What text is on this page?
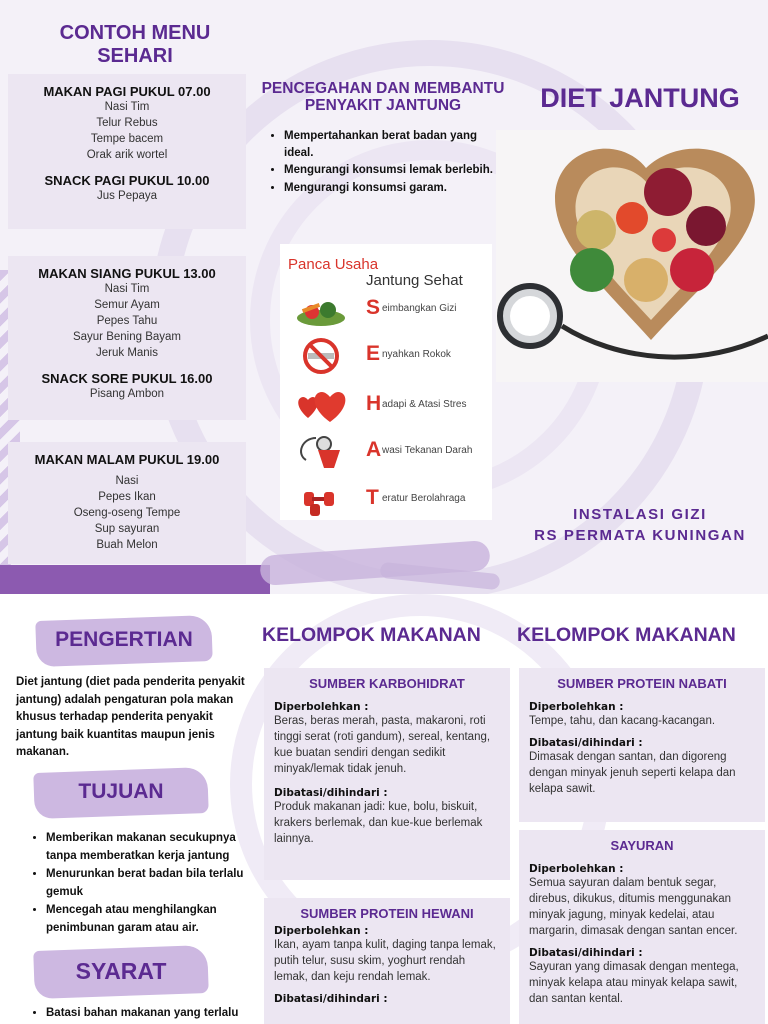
CONTOH MENU
SEHARI
MAKAN PAGI PUKUL 07.00
Nasi Tim
Telur Rebus
Tempe bacem
Orak arik wortel
SNACK PAGI PUKUL 10.00
Jus Pepaya
MAKAN SIANG PUKUL 13.00
Nasi Tim
Semur Ayam
Pepes Tahu
Sayur Bening Bayam
Jeruk Manis
SNACK SORE PUKUL 16.00
Pisang Ambon
MAKAN MALAM PUKUL 19.00
Nasi
Pepes Ikan
Oseng-oseng Tempe
Sup sayuran
Buah Melon
PENCEGAHAN DAN MEMBANTU
PENYAKIT JANTUNG
• Mempertahankan berat badan yang ideal.
• Mengurangi konsumsi lemak berlebih.
• Mengurangi konsumsi garam.
DIET JANTUNG
Panca Usaha
Jantung Sehat
S eimbangkan Gizi
E nyahkan Rokok
H adapi & Atasi Stres
A wasi Tekanan Darah
T eratur Berolahraga
INSTALASI GIZI
RS PERMATA KUNINGAN
PENGERTIAN
Diet jantung (diet pada penderita penyakit jantung) adalah pengaturan pola makan khusus terhadap penderita penyakit jantung baik kuantitas maupun jenis makanan.
TUJUAN
• Memberikan makanan secukupnya tanpa memberatkan kerja jantung
• Menurunkan berat badan bila terlalu gemuk
• Mencegah atau menghilangkan penimbunan garam atau air.
SYARAT
• Batasi bahan makanan yang terlalu
KELOMPOK MAKANAN KELOMPOK MAKANAN
SUMBER KARBOHIDRAT
Diperbolehkan :
Beras, beras merah, pasta, makaroni, roti tinggi serat (roti gandum), sereal, kentang, kue buatan sendiri dengan sedikit minyak/lemak tidak jenuh.
Dibatasi/dihindari :
Produk makanan jadi: kue, bolu, biskuit, krakers berlemak, dan kue-kue berlemak lainnya.
SUMBER PROTEIN HEWANI
Diperbolehkan :
Ikan, ayam tanpa kulit, daging tanpa lemak, putih telur, susu skim, yoghurt rendah lemak, dan keju rendah lemak.
Dibatasi/dihindari :
SUMBER PROTEIN NABATI
Diperbolehkan :
Tempe, tahu, dan kacang-kacangan.
Dibatasi/dihindari :
Dimasak dengan santan, dan digoreng dengan minyak jenuh seperti kelapa dan kelapa sawit.
SAYURAN
Diperbolehkan :
Semua sayuran dalam bentuk segar, direbus, dikukus, ditumis menggunakan minyak jagung, minyak kedelai, atau margarin, dimasak dengan santan encer.
Dibatasi/dihindari :
Sayuran yang dimasak dengan mentega, minyak kelapa atau minyak kelapa sawit, dan santan kental.
